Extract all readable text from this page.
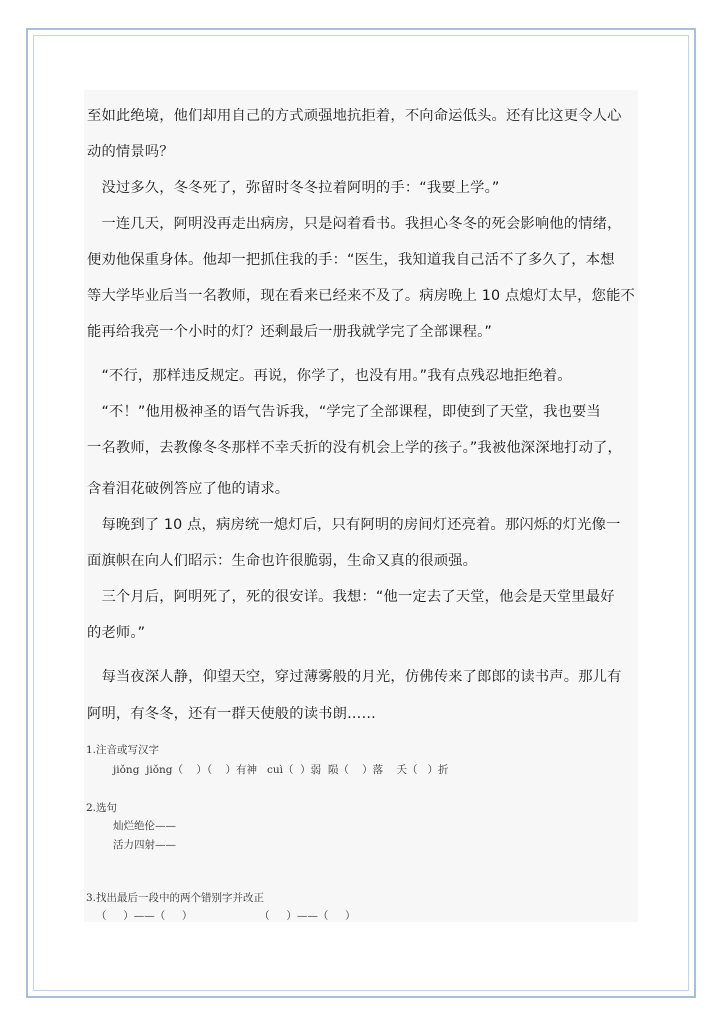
至如此绝境，他们却用自己的方式顽强地抗拒着，不向命运低头。还有比这更令人心
动的情景吗？
　没过多久，冬冬死了，弥留时冬冬拉着阿明的手：“我要上学。”
　一连几天，阿明没再走出病房，只是闷着看书。我担心冬冬的死会影响他的情绪，
便劝他保重身体。他却一把抓住我的手：“医生，我知道我自己活不了多久了，本想
等大学毕业后当一名教师，现在看来已经来不及了。病房晚上 10 点熄灯太早，您能不
能再给我亮一个小时的灯？还剩最后一册我就学完了全部课程。”
　“不行，那样违反规定。再说，你学了，也没有用。”我有点残忍地拒绝着。
　“不！”他用极神圣的语气告诉我，“学完了全部课程，即使到了天堂，我也要当
一名教师，去教像冬冬那样不幸夭折的没有机会上学的孩子。”我被他深深地打动了，
含着泪花破例答应了他的请求。
　每晚到了 10 点，病房统一熄灯后，只有阿明的房间灯还亮着。那闪烁的灯光像一
面旗帜在向人们昭示：生命也许很脆弱，生命又真的很顽强。
　三个月后，阿明死了，死的很安详。我想：“他一定去了天堂，他会是天堂里最好
的老师。”
　每当夜深人静，仰望天空，穿过薄雾般的月光，仿佛传来了郎郎的读书声。那儿有
阿明，有冬冬，还有一群天使般的读书朗……
1.注音或写汉字
jiǒng  jiǒng（    ）（    ）有神   cuì（  ）弱  陨（    ）落    夭（   ）折
2.选句
灿烂绝伦——
活力四射——
3.找出最后一段中的两个错别字并改正
（     ）——（     ）                    （     ）——（     ）
